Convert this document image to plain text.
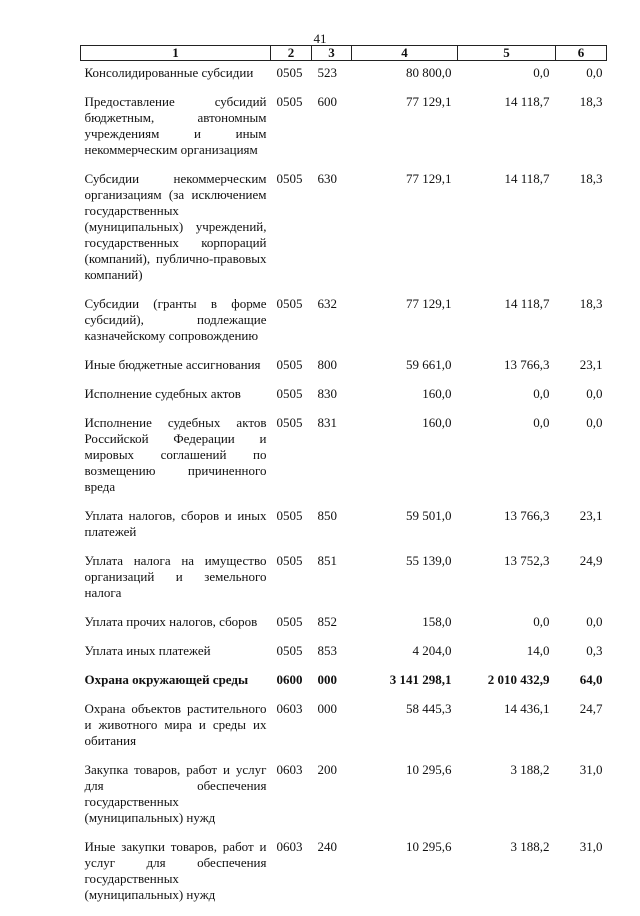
41
1	2	3	4	5	6
Консолидированные субсидии	0505	523	80 800,0	0,0	0,0
Предоставление субсидий бюджетным, автономным учреждениям и иным некоммерческим организациям	0505	600	77 129,1	14 118,7	18,3
Субсидии некоммерческим организациям (за исключением государственных (муниципальных) учреждений, государственных корпораций (компаний), публично-правовых компаний)	0505	630	77 129,1	14 118,7	18,3
Субсидии (гранты в форме субсидий), подлежащие казначейскому сопровождению	0505	632	77 129,1	14 118,7	18,3
Иные бюджетные ассигнования	0505	800	59 661,0	13 766,3	23,1
Исполнение судебных актов	0505	830	160,0	0,0	0,0
Исполнение судебных актов Российской Федерации и мировых соглашений по возмещению причиненного вреда	0505	831	160,0	0,0	0,0
Уплата налогов, сборов и иных платежей	0505	850	59 501,0	13 766,3	23,1
Уплата налога на имущество организаций и земельного налога	0505	851	55 139,0	13 752,3	24,9
Уплата прочих налогов, сборов	0505	852	158,0	0,0	0,0
Уплата иных платежей	0505	853	4 204,0	14,0	0,3
Охрана окружающей среды	0600	000	3 141 298,1	2 010 432,9	64,0
Охрана объектов растительного и животного мира и среды их обитания	0603	000	58 445,3	14 436,1	24,7
Закупка товаров, работ и услуг для обеспечения государственных (муниципальных) нужд	0603	200	10 295,6	3 188,2	31,0
Иные закупки товаров, работ и услуг для обеспечения государственных (муниципальных) нужд	0603	240	10 295,6	3 188,2	31,0
